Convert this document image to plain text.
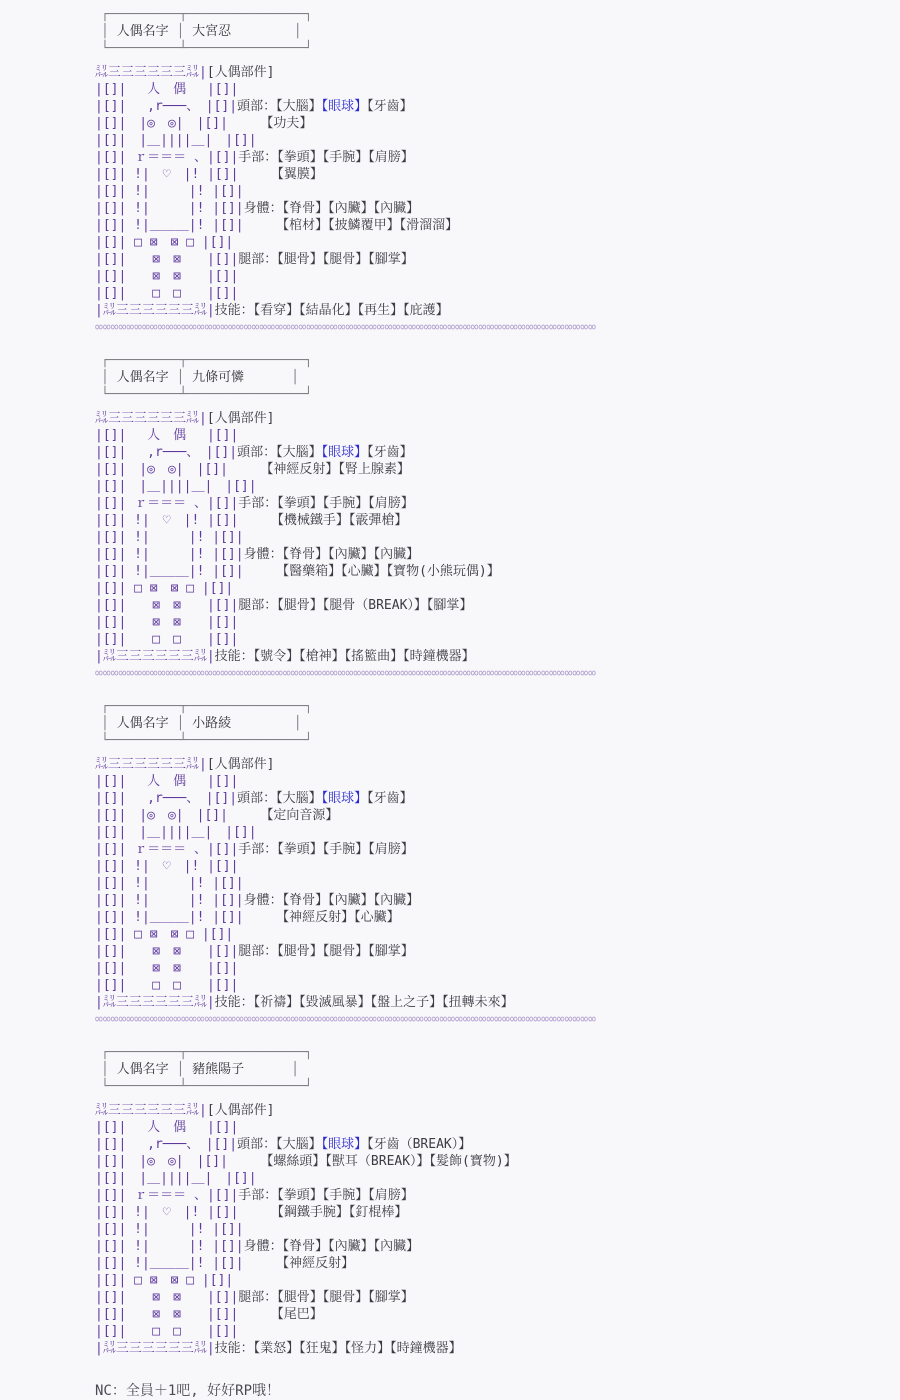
┌─────────┬───────────────┐
│ 人偶名字 │ 大宮忍        │
└─────────┴───────────────┘
㍊三三三三三三㍊|[人偶部件]
|[]|　 人　偶 　|[]|
|[]|　 ,r───、　|[]|頭部：【大腦】【眼球】【牙齒】
|[]|　|◎　◎|　|[]|　　　【功夫】
|[]|　|＿||||＿|　|[]|
|[]| ｒ＝＝＝ 、|[]|手部：【拳頭】【手腕】【肩膀】
|[]| !|　♡　|! |[]|　　　【翼膜】
|[]| !|　　　|! |[]|
|[]| !|　　　|! |[]|身體：【脊骨】【內臟】【內臟】
|[]| !|＿＿＿|! |[]|　　　【棺材】【披鱗覆甲】【滑溜溜】
|[]| □ ⊠　⊠ □ |[]|
|[]|　　⊠　⊠　　|[]|腿部：【腿骨】【腿骨】【腳掌】
|[]|　　⊠　⊠　　|[]|
|[]|　　□　□　　|[]|
|㍊三三三三三三㍊|技能：【看穿】【結晶化】【再生】【庇護】
∞∞∞∞∞∞∞∞∞∞∞∞∞∞∞∞∞∞∞∞∞∞∞∞∞∞∞∞∞∞∞∞∞∞∞∞∞∞∞∞∞∞∞∞∞∞∞∞∞∞∞∞∞∞∞∞∞∞∞∞∞∞∞∞
┌─────────┬───────────────┐
│ 人偶名字 │ 九條可憐      │
└─────────┴───────────────┘
㍊三三三三三三㍊|[人偶部件]
|[]|　 人　偶 　|[]|
|[]|　 ,r───、　|[]|頭部：【大腦】【眼球】【牙齒】
|[]|　|◎　◎|　|[]|　　　【神經反射】【腎上腺素】
|[]|　|＿||||＿|　|[]|
|[]| ｒ＝＝＝ 、|[]|手部：【拳頭】【手腕】【肩膀】
|[]| !|　♡　|! |[]|　　　【機械鐵手】【霰彈槍】
|[]| !|　　　|! |[]|
|[]| !|　　　|! |[]|身體：【脊骨】【內臟】【內臟】
|[]| !|＿＿＿|! |[]|　　　【醫藥箱】【心臟】【寶物(小熊玩偶)】
|[]| □ ⊠　⊠ □ |[]|
|[]|　　⊠　⊠　　|[]|腿部：【腿骨】【腿骨（BREAK）】【腳掌】
|[]|　　⊠　⊠　　|[]|
|[]|　　□　□　　|[]|
|㍊三三三三三三㍊|技能：【號令】【槍神】【搖籃曲】【時鐘機器】
∞∞∞∞∞∞∞∞∞∞∞∞∞∞∞∞∞∞∞∞∞∞∞∞∞∞∞∞∞∞∞∞∞∞∞∞∞∞∞∞∞∞∞∞∞∞∞∞∞∞∞∞∞∞∞∞∞∞∞∞∞∞∞∞
┌─────────┬───────────────┐
│ 人偶名字 │ 小路綾        │
└─────────┴───────────────┘
㍊三三三三三三㍊|[人偶部件]
|[]|　 人　偶 　|[]|
|[]|　 ,r───、　|[]|頭部：【大腦】【眼球】【牙齒】
|[]|　|◎　◎|　|[]|　　　【定向音源】
|[]|　|＿||||＿|　|[]|
|[]| ｒ＝＝＝ 、|[]|手部：【拳頭】【手腕】【肩膀】
|[]| !|　♡　|! |[]|
|[]| !|　　　|! |[]|
|[]| !|　　　|! |[]|身體：【脊骨】【內臟】【內臟】
|[]| !|＿＿＿|! |[]|　　　【神經反射】【心臟】
|[]| □ ⊠　⊠ □ |[]|
|[]|　　⊠　⊠　　|[]|腿部：【腿骨】【腿骨】【腳掌】
|[]|　　⊠　⊠　　|[]|
|[]|　　□　□　　|[]|
|㍊三三三三三三㍊|技能：【祈禱】【毀滅風暴】【盤上之子】【扭轉未來】
∞∞∞∞∞∞∞∞∞∞∞∞∞∞∞∞∞∞∞∞∞∞∞∞∞∞∞∞∞∞∞∞∞∞∞∞∞∞∞∞∞∞∞∞∞∞∞∞∞∞∞∞∞∞∞∞∞∞∞∞∞∞∞∞
┌─────────┬───────────────┐
│ 人偶名字 │ 豬熊陽子      │
└─────────┴───────────────┘
㍊三三三三三三㍊|[人偶部件]
|[]|　 人　偶 　|[]|
|[]|　 ,r───、　|[]|頭部：【大腦】【眼球】【牙齒（BREAK）】
|[]|　|◎　◎|　|[]|　　　【螺絲頭】【獸耳（BREAK）】【髮飾(寶物)】
|[]|　|＿||||＿|　|[]|
|[]| ｒ＝＝＝ 、|[]|手部：【拳頭】【手腕】【肩膀】
|[]| !|　♡　|! |[]|　　　【鋼鐵手腕】【釘棍棒】
|[]| !|　　　|! |[]|
|[]| !|　　　|! |[]|身體：【脊骨】【內臟】【內臟】
|[]| !|＿＿＿|! |[]|　　　【神經反射】
|[]| □ ⊠　⊠ □ |[]|
|[]|　　⊠　⊠　　|[]|腿部：【腿骨】【腿骨】【腳掌】
|[]|　　⊠　⊠　　|[]|　　　【尾巴】
|[]|　　□　□　　|[]|
|㍊三三三三三三㍊|技能：【業怒】【狂鬼】【怪力】【時鐘機器】
NC：全員＋1吧, 好好RP哦！
